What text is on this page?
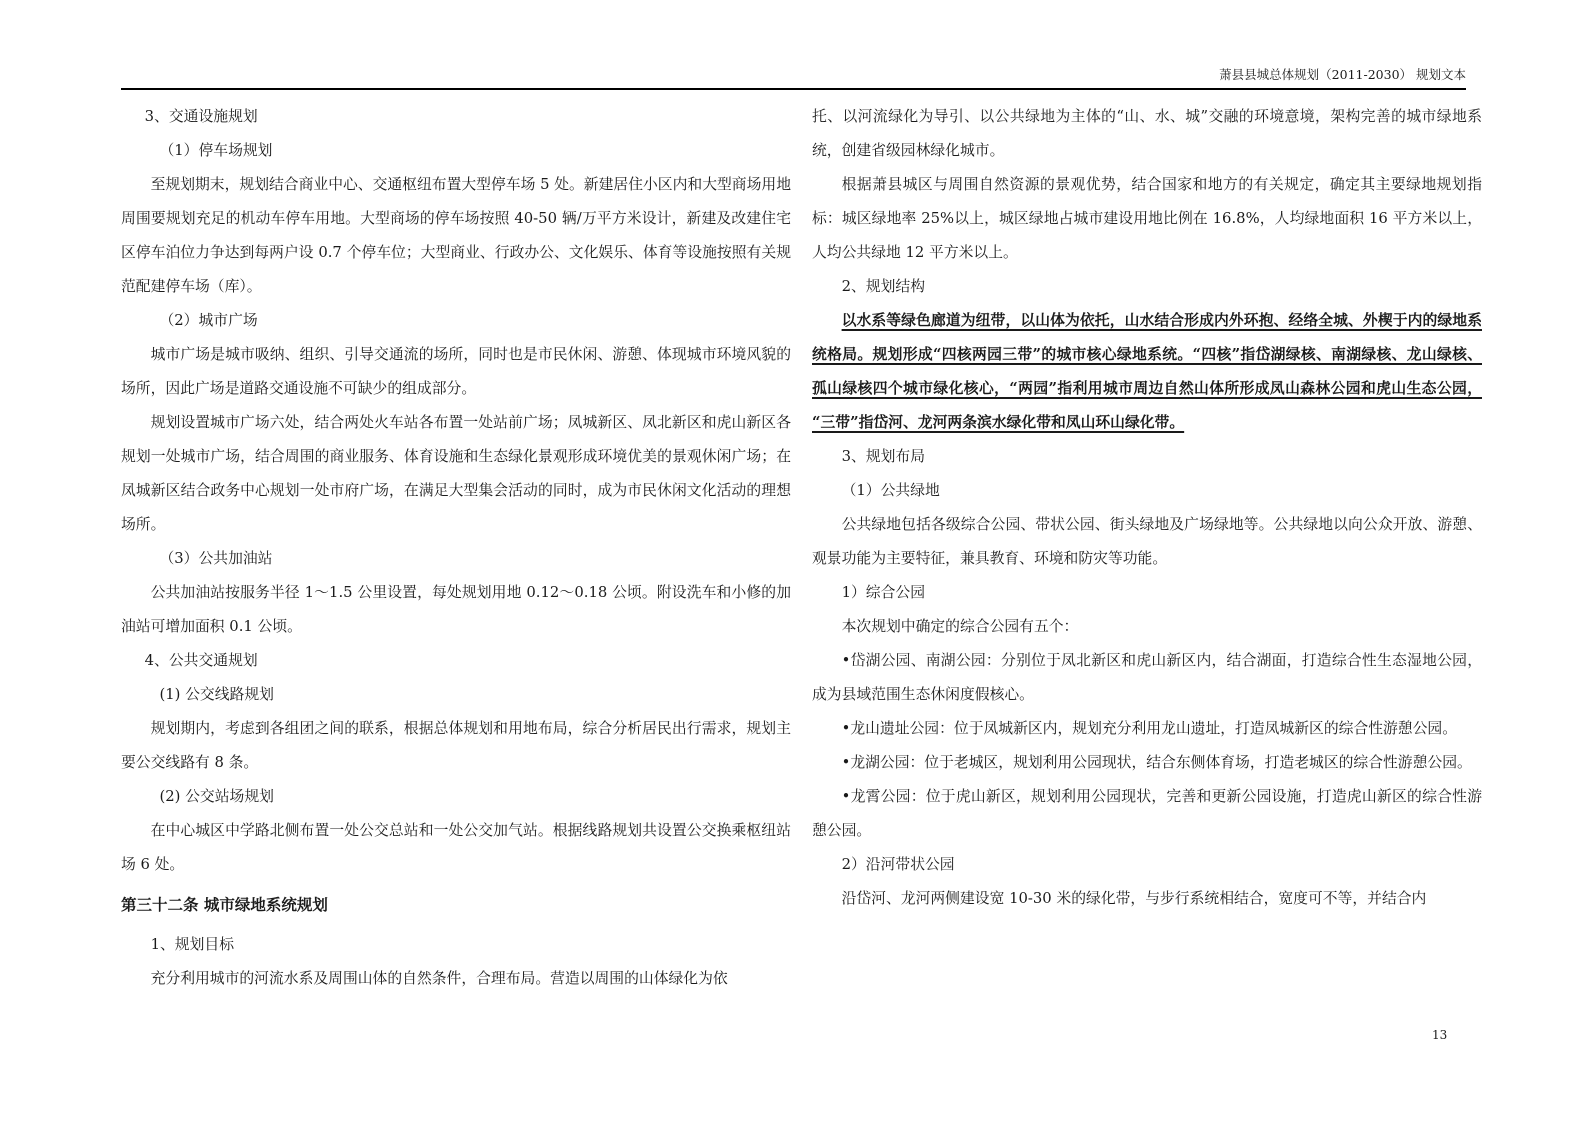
萧县县城总体规划（2011-2030） 规划文本

3、交通设施规划

（1）停车场规划

至规划期末，规划结合商业中心、交通枢纽布置大型停车场 5 处。新建居住小区内和大型商场用地周围要规划充足的机动车停车用地。大型商场的停车场按照 40-50 辆/万平方米设计，新建及改建住宅区停车泊位力争达到每两户设 0.7 个停车位；大型商业、行政办公、文化娱乐、体育等设施按照有关规范配建停车场（库）。

（2）城市广场

城市广场是城市吸纳、组织、引导交通流的场所，同时也是市民休闲、游憩、体现城市环境风貌的场所，因此广场是道路交通设施不可缺少的组成部分。

规划设置城市广场六处，结合两处火车站各布置一处站前广场；凤城新区、凤北新区和虎山新区各规划一处城市广场，结合周围的商业服务、体育设施和生态绿化景观形成环境优美的景观休闲广场；在凤城新区结合政务中心规划一处市府广场，在满足大型集会活动的同时，成为市民休闲文化活动的理想场所。

（3）公共加油站

公共加油站按服务半径 1～1.5 公里设置，每处规划用地 0.12～0.18 公顷。附设洗车和小修的加油站可增加面积 0.1 公顷。

4、公共交通规划

(1) 公交线路规划

规划期内，考虑到各组团之间的联系，根据总体规划和用地布局，综合分析居民出行需求，规划主要公交线路有 8 条。

(2) 公交站场规划

在中心城区中学路北侧布置一处公交总站和一处公交加气站。根据线路规划共设置公交换乘枢纽站场 6 处。

第三十二条 城市绿地系统规划

1、规划目标

充分利用城市的河流水系及周围山体的自然条件，合理布局。营造以周围的山体绿化为依

托、以河流绿化为导引、以公共绿地为主体的“山、水、城”交融的环境意境，架构完善的城市绿地系统，创建省级园林绿化城市。

根据萧县城区与周围自然资源的景观优势，结合国家和地方的有关规定，确定其主要绿地规划指标：城区绿地率 25%以上，城区绿地占城市建设用地比例在 16.8%，人均绿地面积 16 平方米以上，人均公共绿地 12 平方米以上。

2、规划结构

以水系等绿色廊道为纽带，以山体为依托，山水结合形成内外环抱、经络全城、外楔于内的绿地系统格局。规划形成“四核两园三带”的城市核心绿地系统。“四核”指岱湖绿核、南湖绿核、龙山绿核、孤山绿核四个城市绿化核心，“两园”指利用城市周边自然山体所形成凤山森林公园和虎山生态公园， “三带”指岱河、龙河两条滨水绿化带和凤山环山绿化带。

3、规划布局

（1）公共绿地

公共绿地包括各级综合公园、带状公园、街头绿地及广场绿地等。公共绿地以向公众开放、游憩、观景功能为主要特征，兼具教育、环境和防灾等功能。

1）综合公园

本次规划中确定的综合公园有五个：

•岱湖公园、南湖公园：分别位于凤北新区和虎山新区内，结合湖面，打造综合性生态湿地公园，成为县域范围生态休闲度假核心。

•龙山遗址公园：位于凤城新区内，规划充分利用龙山遗址，打造凤城新区的综合性游憩公园。

•龙湖公园：位于老城区，规划利用公园现状，结合东侧体育场，打造老城区的综合性游憩公园。

•龙霄公园：位于虎山新区，规划利用公园现状，完善和更新公园设施，打造虎山新区的综合性游憩公园。

2）沿河带状公园

沿岱河、龙河两侧建设宽 10-30 米的绿化带，与步行系统相结合，宽度可不等，并结合内

13
